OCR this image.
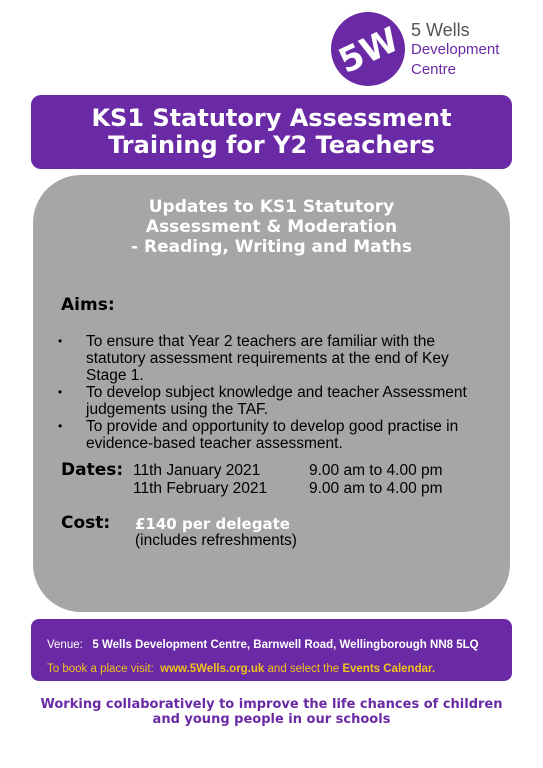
5W 5 Wells
Development
Centre
KS1 Statutory Assessment
Training for Y2 Teachers
Updates to KS1 Statutory
Assessment & Moderation
- Reading, Writing and Maths
Aims:
• To ensure that Year 2 teachers are familiar with the statutory assessment requirements at the end of Key Stage 1.
• To develop subject knowledge and teacher Assessment judgements using the TAF.
• To provide and opportunity to develop good practise in evidence-based teacher assessment.
Dates: 11th January 2021	9.00 am to 4.00 pm
11th February 2021	9.00 am to 4.00 pm
Cost: £140 per delegate
(includes refreshments)
Venue: 5 Wells Development Centre, Barnwell Road, Wellingborough NN8 5LQ
To book a place visit: www.5Wells.org.uk and select the Events Calendar.
Working collaboratively to improve the life chances of children
and young people in our schools
